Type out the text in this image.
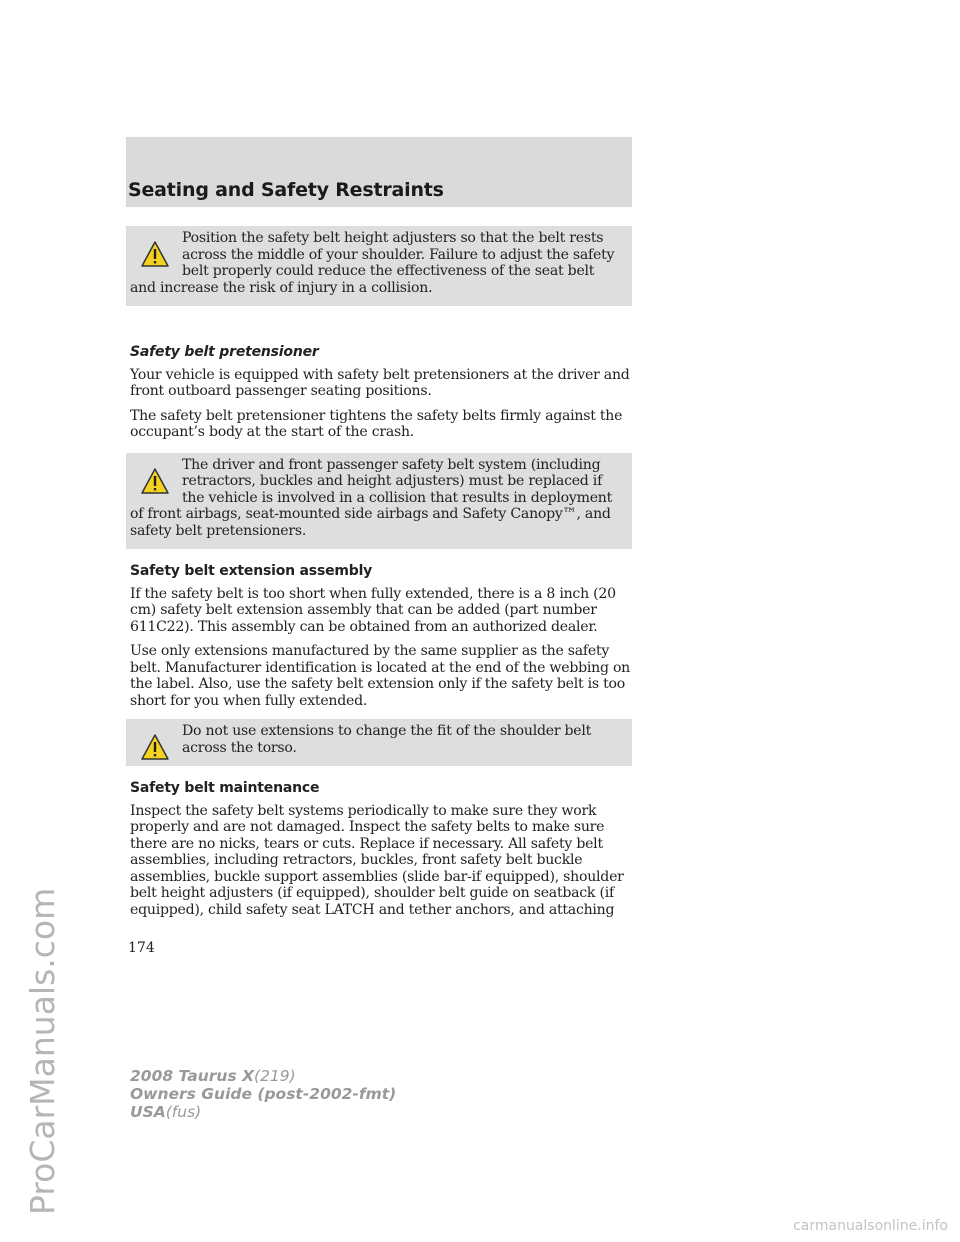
ProCarManuals.com
Seating and Safety Restraints

Position the safety belt height adjusters so that the belt rests across the middle of your shoulder. Failure to adjust the safety belt properly could reduce the effectiveness of the seat belt and increase the risk of injury in a collision.

Safety belt pretensioner

Your vehicle is equipped with safety belt pretensioners at the driver and front outboard passenger seating positions.

The safety belt pretensioner tightens the safety belts firmly against the occupant’s body at the start of the crash.

The driver and front passenger safety belt system (including retractors, buckles and height adjusters) must be replaced if the vehicle is involved in a collision that results in deployment of front airbags, seat-mounted side airbags and Safety Canopy™, and safety belt pretensioners.

Safety belt extension assembly

If the safety belt is too short when fully extended, there is a 8 inch (20 cm) safety belt extension assembly that can be added (part number 611C22). This assembly can be obtained from an authorized dealer.

Use only extensions manufactured by the same supplier as the safety belt. Manufacturer identification is located at the end of the webbing on the label. Also, use the safety belt extension only if the safety belt is too short for you when fully extended.

Do not use extensions to change the fit of the shoulder belt across the torso.

Safety belt maintenance

Inspect the safety belt systems periodically to make sure they work properly and are not damaged. Inspect the safety belts to make sure there are no nicks, tears or cuts. Replace if necessary. All safety belt assemblies, including retractors, buckles, front safety belt buckle assemblies, buckle support assemblies (slide bar-if equipped), shoulder belt height adjusters (if equipped), shoulder belt guide on seatback (if equipped), child safety seat LATCH and tether anchors, and attaching

174
2008 Taurus X(219)
Owners Guide (post-2002-fmt)
USA(fus)
carmanualsonline.info
